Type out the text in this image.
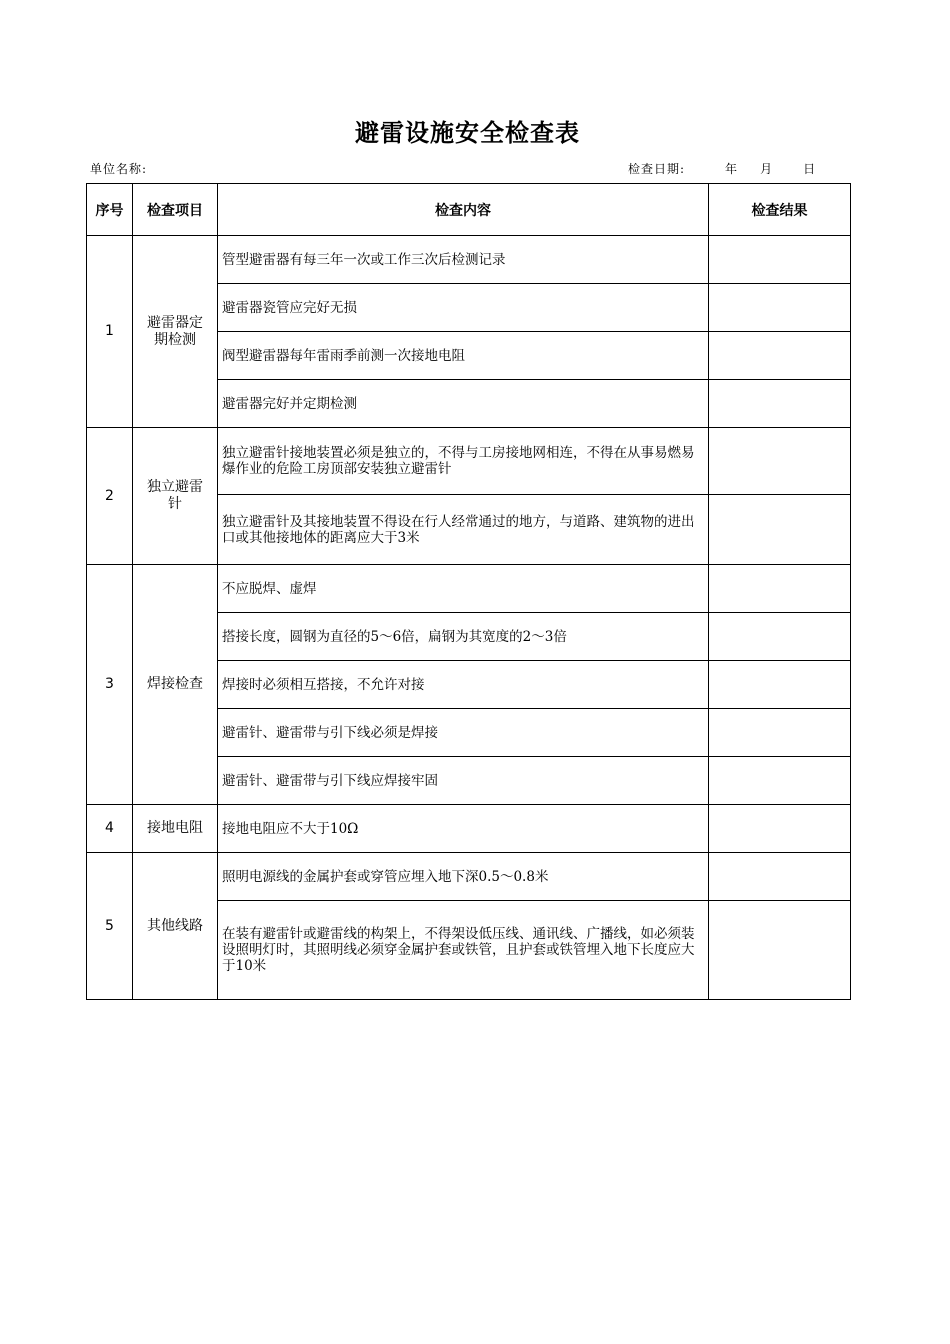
避雷设施安全检查表
单位名称:	检查日期:	年 月	日
序号	检查项目	检查内容	检查结果
1	避雷器定期检测	管型避雷器有每三年一次或工作三次后检测记录	
		避雷器瓷管应完好无损	
		阀型避雷器每年雷雨季前测一次接地电阻	
		避雷器完好并定期检测	
2	独立避雷针	独立避雷针接地装置必须是独立的，不得与工房接地网相连，不得在从事易燃易爆作业的危险工房顶部安装独立避雷针	
		独立避雷针及其接地装置不得设在行人经常通过的地方，与道路、建筑物的进出口或其他接地体的距离应大于3米	
3	焊接检查	不应脱焊、虚焊	
		搭接长度，圆钢为直径的5～6倍，扁钢为其宽度的2～3倍	
		焊接时必须相互搭接，不允许对接	
		避雷针、避雷带与引下线必须是焊接	
		避雷针、避雷带与引下线应焊接牢固	
4	接地电阻	接地电阻应不大于10Ω	
5	其他线路	照明电源线的金属护套或穿管应埋入地下深0.5～0.8米	
		在装有避雷针或避雷线的构架上，不得架设低压线、通讯线、广播线，如必须装设照明灯时，其照明线必须穿金属护套或铁管，且护套或铁管埋入地下长度应大于10米	
